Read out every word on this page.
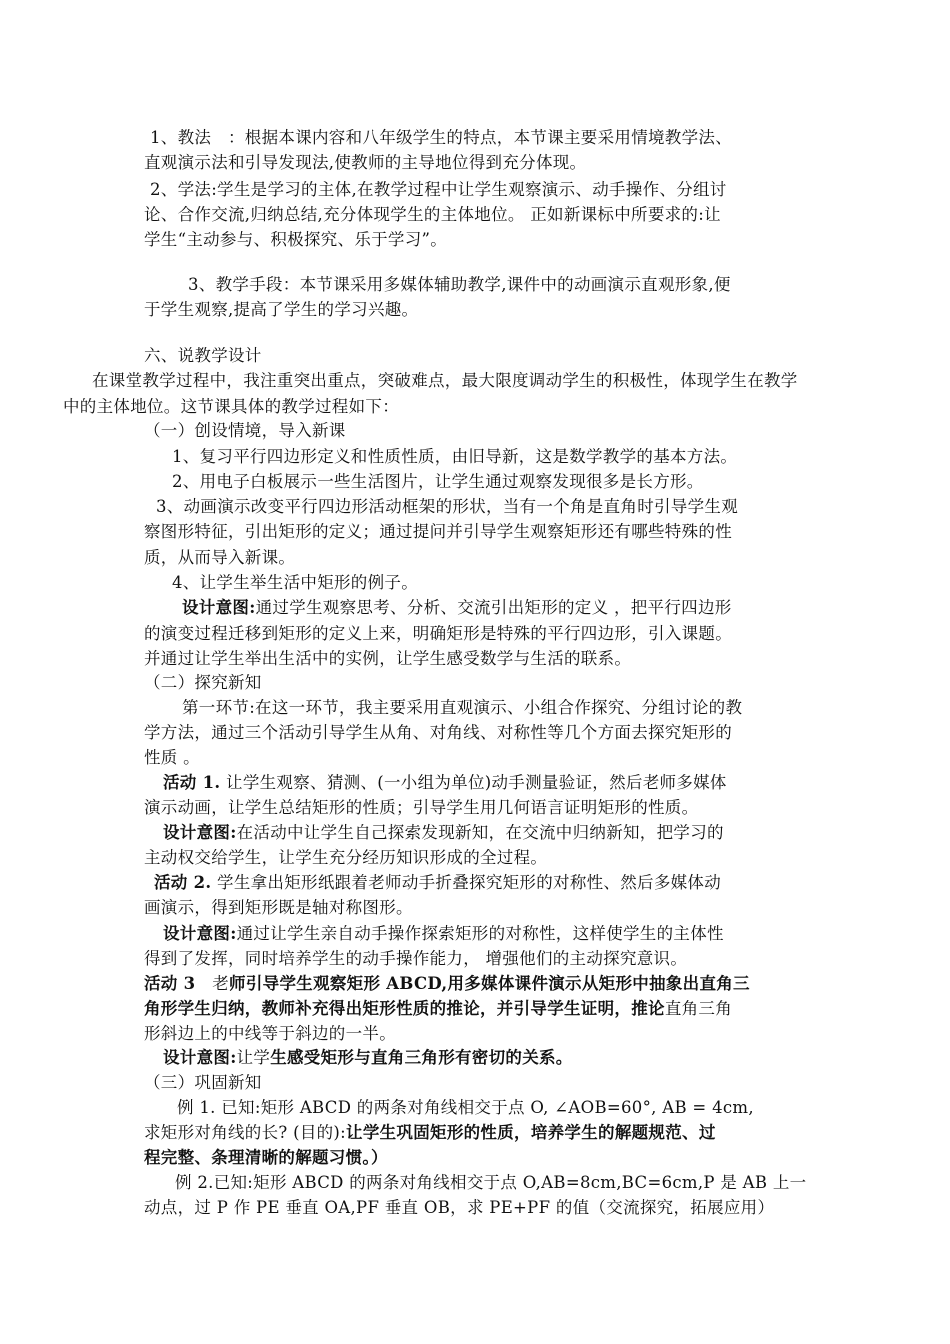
1、教法　：根据本课内容和八年级学生的特点，本节课主要采用情境教学法、
直观演示法和引导发现法,使教师的主导地位得到充分体现。
2、学法:学生是学习的主体,在教学过程中让学生观察演示、动手操作、分组讨
论、合作交流,归纳总结,充分体现学生的主体地位。 正如新课标中所要求的:让
学生“主动参与、积极探究、乐于学习”。
3、教学手段：本节课采用多媒体辅助教学,课件中的动画演示直观形象,便
于学生观察,提高了学生的学习兴趣。
六、说教学设计
在课堂教学过程中，我注重突出重点，突破难点，最大限度调动学生的积极性，体现学生在教学
中的主体地位。这节课具体的教学过程如下：
（一）创设情境，导入新课
1、复习平行四边形定义和性质性质，由旧导新，这是数学教学的基本方法。
2、用电子白板展示一些生活图片，让学生通过观察发现很多是长方形。
3、动画演示改变平行四边形活动框架的形状，当有一个角是直角时引导学生观
察图形特征，引出矩形的定义；通过提问并引导学生观察矩形还有哪些特殊的性
质，从而导入新课。
4、让学生举生活中矩形的例子。
设计意图:通过学生观察思考、分析、交流引出矩形的定义 ，把平行四边形
的演变过程迁移到矩形的定义上来，明确矩形是特殊的平行四边形，引入课题。
并通过让学生举出生活中的实例，让学生感受数学与生活的联系。
（二）探究新知
第一环节:在这一环节，我主要采用直观演示、小组合作探究、分组讨论的教
学方法，通过三个活动引导学生从角、对角线、对称性等几个方面去探究矩形的
性质 。
活动 1. 让学生观察、猜测、(一小组为单位)动手测量验证，然后老师多媒体
演示动画，让学生总结矩形的性质；引导学生用几何语言证明矩形的性质。
设计意图:在活动中让学生自己探索发现新知，在交流中归纳新知，把学习的
主动权交给学生，让学生充分经历知识形成的全过程。
活动 2. 学生拿出矩形纸跟着老师动手折叠探究矩形的对称性、然后多媒体动
画演示，得到矩形既是轴对称图形。
设计意图:通过让学生亲自动手操作探索矩形的对称性，这样使学生的主体性
得到了发挥，同时培养学生的动手操作能力， 增强他们的主动探究意识。
活动 3　老师引导学生观察矩形 ABCD,用多媒体课件演示从矩形中抽象出直角三
角形学生归纳，教师补充得出矩形性质的推论，并引导学生证明，推论直角三角
形斜边上的中线等于斜边的一半。
设计意图:让学生感受矩形与直角三角形有密切的关系。
（三）巩固新知
例 1. 已知:矩形 ABCD 的两条对角线相交于点 O, ∠AOB=60°, AB = 4cm,
求矩形对角线的长? (目的):让学生巩固矩形的性质，培养学生的解题规范、过
程完整、条理清晰的解题习惯。）
例 2.已知:矩形 ABCD 的两条对角线相交于点 O,AB=8cm,BC=6cm,P 是 AB 上一
动点，过 P 作 PE 垂直 OA,PF 垂直 OB，求 PE+PF 的值（交流探究，拓展应用）
